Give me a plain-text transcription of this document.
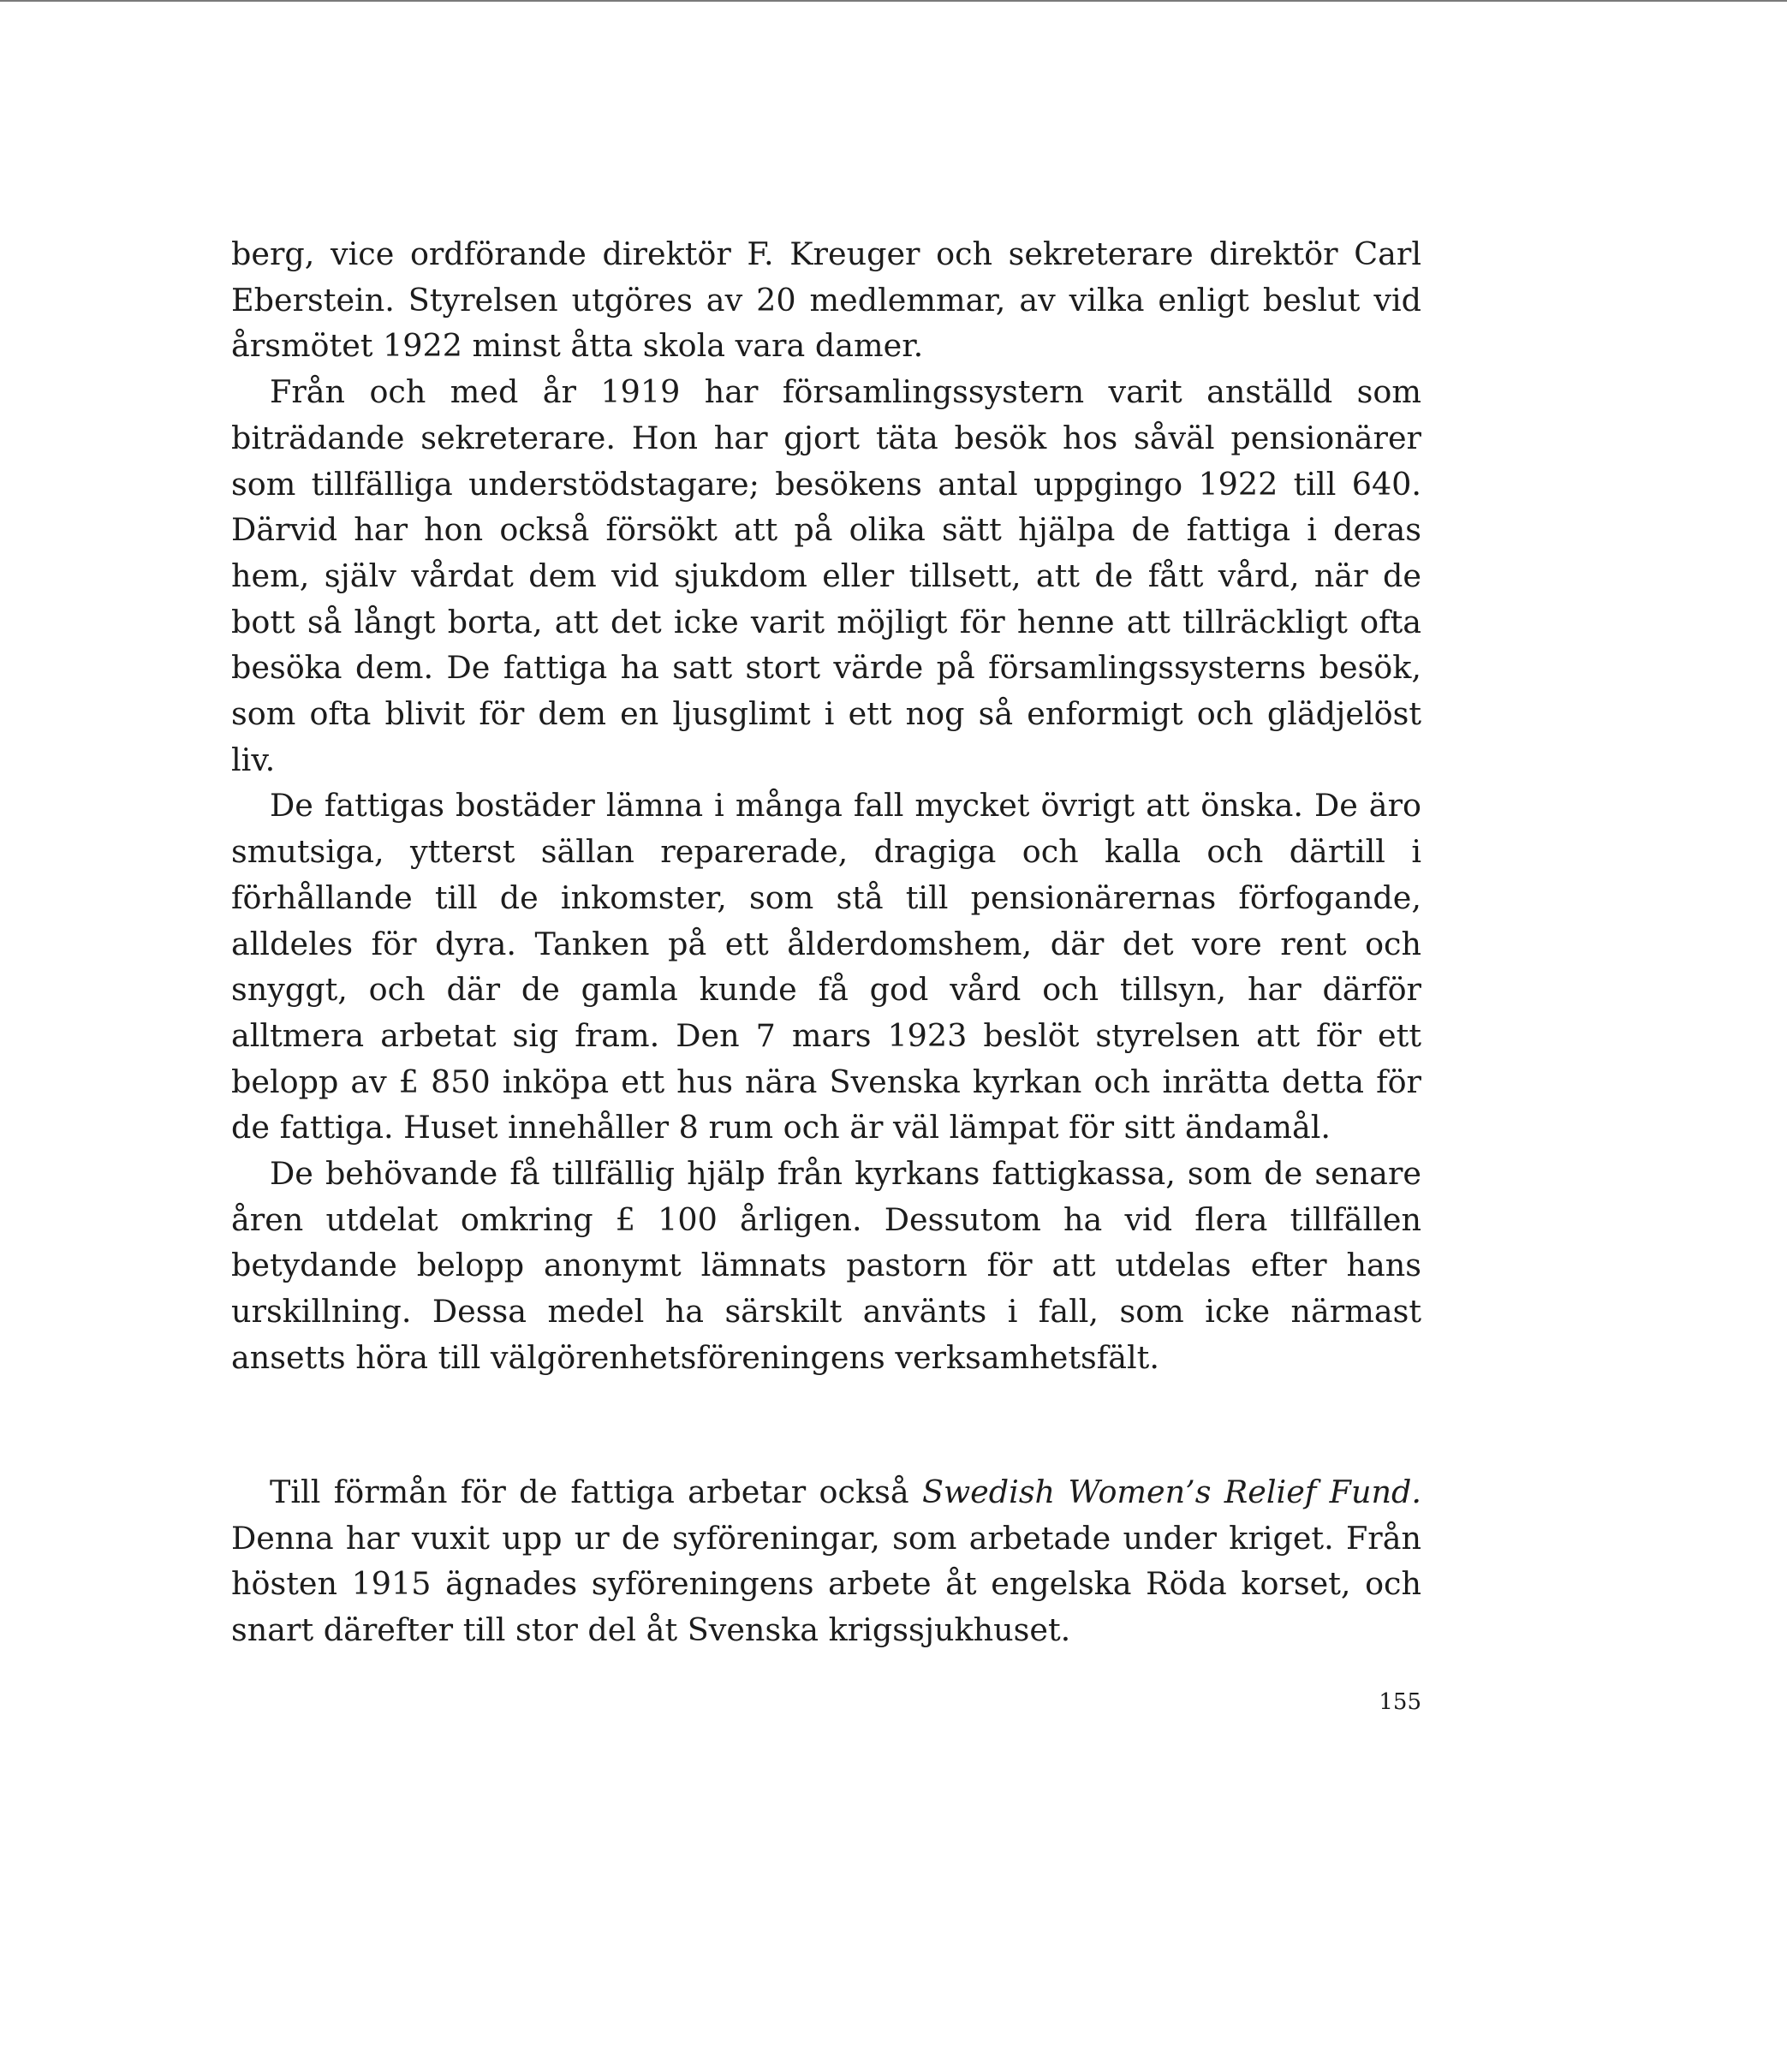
berg, vice ordförande direktör F. Kreuger och sekreterare direktör Carl Eberstein. Styrelsen utgöres av 20 medlemmar, av vilka enligt beslut vid årsmötet 1922 minst åtta skola vara damer.

Från och med år 1919 har församlingssystern varit anställd som biträdande sekreterare. Hon har gjort täta besök hos såväl pensionärer som tillfälliga understödstagare; besökens antal uppgingo 1922 till 640. Därvid har hon också försökt att på olika sätt hjälpa de fattiga i deras hem, själv vårdat dem vid sjukdom eller tillsett, att de fått vård, när de bott så långt borta, att det icke varit möjligt för henne att tillräckligt ofta besöka dem. De fattiga ha satt stort värde på församlingssysterns besök, som ofta blivit för dem en ljusglimt i ett nog så enformigt och glädjelöst liv.

De fattigas bostäder lämna i många fall mycket övrigt att önska. De äro smutsiga, ytterst sällan reparerade, dragiga och kalla och därtill i förhållande till de inkomster, som stå till pensionärernas förfogande, alldeles för dyra. Tanken på ett ålderdomshem, där det vore rent och snyggt, och där de gamla kunde få god vård och tillsyn, har därför alltmera arbetat sig fram. Den 7 mars 1923 beslöt styrelsen att för ett belopp av £ 850 inköpa ett hus nära Svenska kyrkan och inrätta detta för de fattiga. Huset innehåller 8 rum och är väl lämpat för sitt ändamål.

De behövande få tillfällig hjälp från kyrkans fattigkassa, som de senare åren utdelat omkring £ 100 årligen. Dessutom ha vid flera tillfällen betydande belopp anonymt lämnats pastorn för att utdelas efter hans urskillning. Dessa medel ha särskilt använts i fall, som icke närmast ansetts höra till välgörenhetsföreningens verksamhetsfält.

Till förmån för de fattiga arbetar också Swedish Women’s Relief Fund. Denna har vuxit upp ur de syföreningar, som arbetade under kriget. Från hösten 1915 ägnades syföreningens arbete åt engelska Röda korset, och snart därefter till stor del åt Svenska krigssjukhuset.

155
